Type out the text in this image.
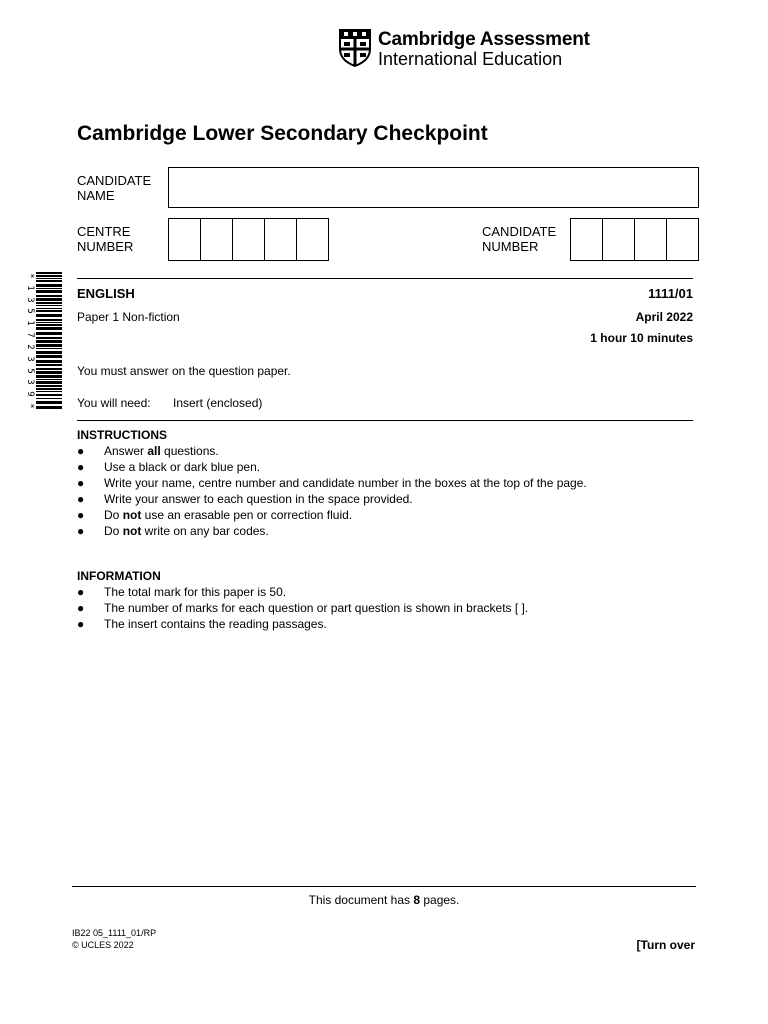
Cambridge Assessment
International Education
Cambridge Lower Secondary Checkpoint
CANDIDATE
NAME
CENTRE
NUMBER
CANDIDATE
NUMBER
*
1
3
5
1
7
2
3
5
3
9
*
ENGLISH	1111/01
Paper 1 Non-fiction	April 2022
1 hour 10 minutes
You must answer on the question paper.
You will need: Insert (enclosed)
INSTRUCTIONS
● Answer all questions.
● Use a black or dark blue pen.
● Write your name, centre number and candidate number in the boxes at the top of the page.
● Write your answer to each question in the space provided.
● Do not use an erasable pen or correction fluid.
● Do not write on any bar codes.
INFORMATION
● The total mark for this paper is 50.
● The number of marks for each question or part question is shown in brackets [ ].
● The insert contains the reading passages.
This document has 8 pages.
IB22 05_1111_01/RP
© UCLES 2022	[Turn over
